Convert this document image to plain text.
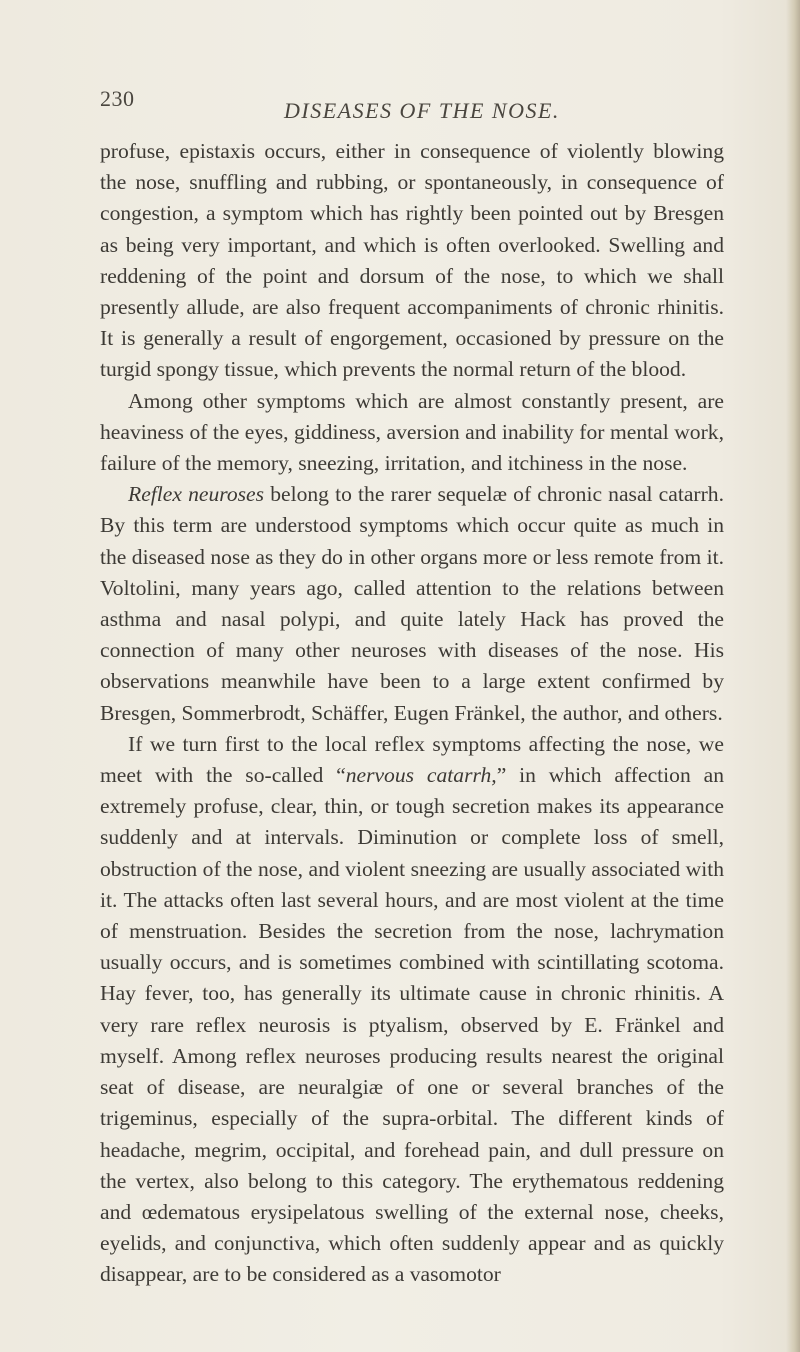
230	DISEASES OF THE NOSE.

profuse, epistaxis occurs, either in consequence of violently blowing the nose, snuffling and rubbing, or spontaneously, in consequence of congestion, a symptom which has rightly been pointed out by Bresgen as being very important, and which is often overlooked. Swelling and reddening of the point and dorsum of the nose, to which we shall presently allude, are also frequent accompaniments of chronic rhinitis. It is generally a result of engorgement, occasioned by pressure on the turgid spongy tissue, which prevents the normal return of the blood.

Among other symptoms which are almost constantly present, are heaviness of the eyes, giddiness, aversion and inability for mental work, failure of the memory, sneezing, irritation, and itchiness in the nose.

Reflex neuroses belong to the rarer sequelæ of chronic nasal catarrh. By this term are understood symptoms which occur quite as much in the diseased nose as they do in other organs more or less remote from it. Voltolini, many years ago, called attention to the relations between asthma and nasal polypi, and quite lately Hack has proved the connection of many other neuroses with diseases of the nose. His observations meanwhile have been to a large extent confirmed by Bresgen, Sommerbrodt, Schäffer, Eugen Fränkel, the author, and others.

If we turn first to the local reflex symptoms affecting the nose, we meet with the so-called “nervous catarrh,” in which affection an extremely profuse, clear, thin, or tough secretion makes its appearance suddenly and at intervals. Diminution or complete loss of smell, obstruction of the nose, and violent sneezing are usually associated with it. The attacks often last several hours, and are most violent at the time of menstruation. Besides the secretion from the nose, lachrymation usually occurs, and is sometimes combined with scintillating scotoma. Hay fever, too, has generally its ultimate cause in chronic rhinitis. A very rare reflex neurosis is ptyalism, observed by E. Fränkel and myself. Among reflex neuroses producing results nearest the original seat of disease, are neuralgiæ of one or several branches of the trigeminus, especially of the supra-orbital. The different kinds of headache, megrim, occipital, and forehead pain, and dull pressure on the vertex, also belong to this category. The erythematous reddening and œdematous erysipelatous swelling of the external nose, cheeks, eyelids, and conjunctiva, which often suddenly appear and as quickly disappear, are to be considered as a vasomotor
